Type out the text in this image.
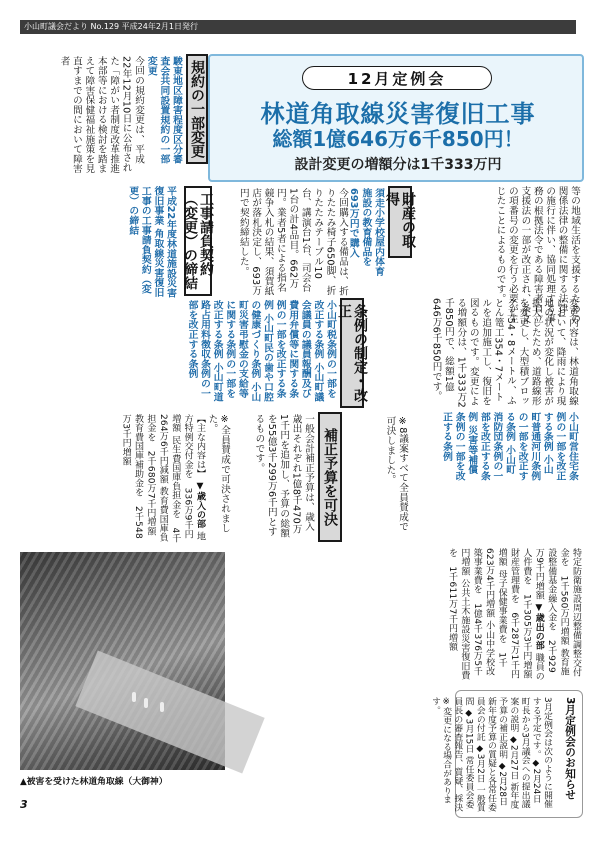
小山町議会だより No.129 平成24年2月1日発行
12月定例会
林道角取線災害復旧工事
総額1億646万6千850円！
設計変更の増額分は1千333万円
等の地域生活を支援するための関係法律の整備に関する法律」の施行に伴い、協同処理する事務の根拠法令である障害者自立支援法の一部が改正され、条文の項番号の変更を行う必要が生じたことによるものです。
規約の一部変更
駿東地区障害程度区分審査会共同設置規約の一部変更
今回の規約変更は、平成22年12月10日に公布された「障がい者制度改革推進本部等における検討を踏まえて障害保健福祉施策を見直すまでの間において障害者
財産の取得
須走小学校屋内体育施設の教育備品を693万円で購入
今回購入する備品は、折りたたみ椅子650脚、折りたたみテーブル10台、講演台1台、司会台1台の計4品目。662万円。業者5者による指名競争入札の結果、須賀紙店が落札決定し、693万円で契約締結した。
工事請負契約（変更）の締結
平成22年度林道施設災害復旧事業 角取線災害復旧工事の工事請負契約（変更）の締結
変更内容は、林道角取線において、降雨により現地の状況が変化し被害が拡大したため、道路線形を変更し、大型積ブロック工54・8メートル、ふとん篭工354・7メートルを追加施工し、復旧を図るものです。変更による増額分は、1千333万2千850円で、総額1億646万6千850円です。
条例の制定・改正
小山町税条例の一部を改正する条例 小山町議会議員の議員報酬及び費用弁償等に関する条例の一部を改正する条例 小山町民の歯や口腔の健康づくり条例 小山町災害弔慰金の支給等に関する条例の一部を改正する条例 小山町道路占用料徴収条例の一部を改正する条例
小山町営住宅条例の一部を改正する条例 小山町普通河川条例の一部を改正する条例 小山町消防団条例の一部を改正する条例 災害等補償条例の一部を改正する条例
※8議案すべて全員賛成で可決しました。
補正予算を可決
一般会計補正予算は、歳入歳出それぞれ1億8千470万1千円を追加し、予算の総額を55億3千299万6千円とするものです。
※全員賛成で可決されました。
【主な内容は】 ▼歳入の部 地方特例交付金を　336万9千円増額 民生費国庫負担金を　4千264万6千円減額 教育費国庫負担金を　2千680万7千円増額 教育費国庫補助金を　2千548万3千円増額
特定防衛施設周辺整備調整交付金を　1千560万円増額 教育施設整備基金繰入金を　2千929万9千円増額 ▼歳出の部 職員の人件費を　1千305万3千円増額 財産管理費を　6千287万1千円増額 母子保健事業費を　1千623万4千円増額 小山中学校改築事業費を　1億4千376万5千円増額 公共土木施設災害復旧費を　1千611万7千円増額
▲被害を受けた林道角取線（大御神）	3月定例会のお知らせ
3月定例会は次のように開催する予定です。◆2月24日 町長から3月議会への提出議案の説明 ◆2月27日 新年度予算の補正説明 ◆2月28日 新年度予算の質疑と各常任委員会の付託 ◆3月2日 一般質問 ◆3月15日 常任委員会委員長の審査報告、質疑、採決 ※変更になる場合があります。
3
